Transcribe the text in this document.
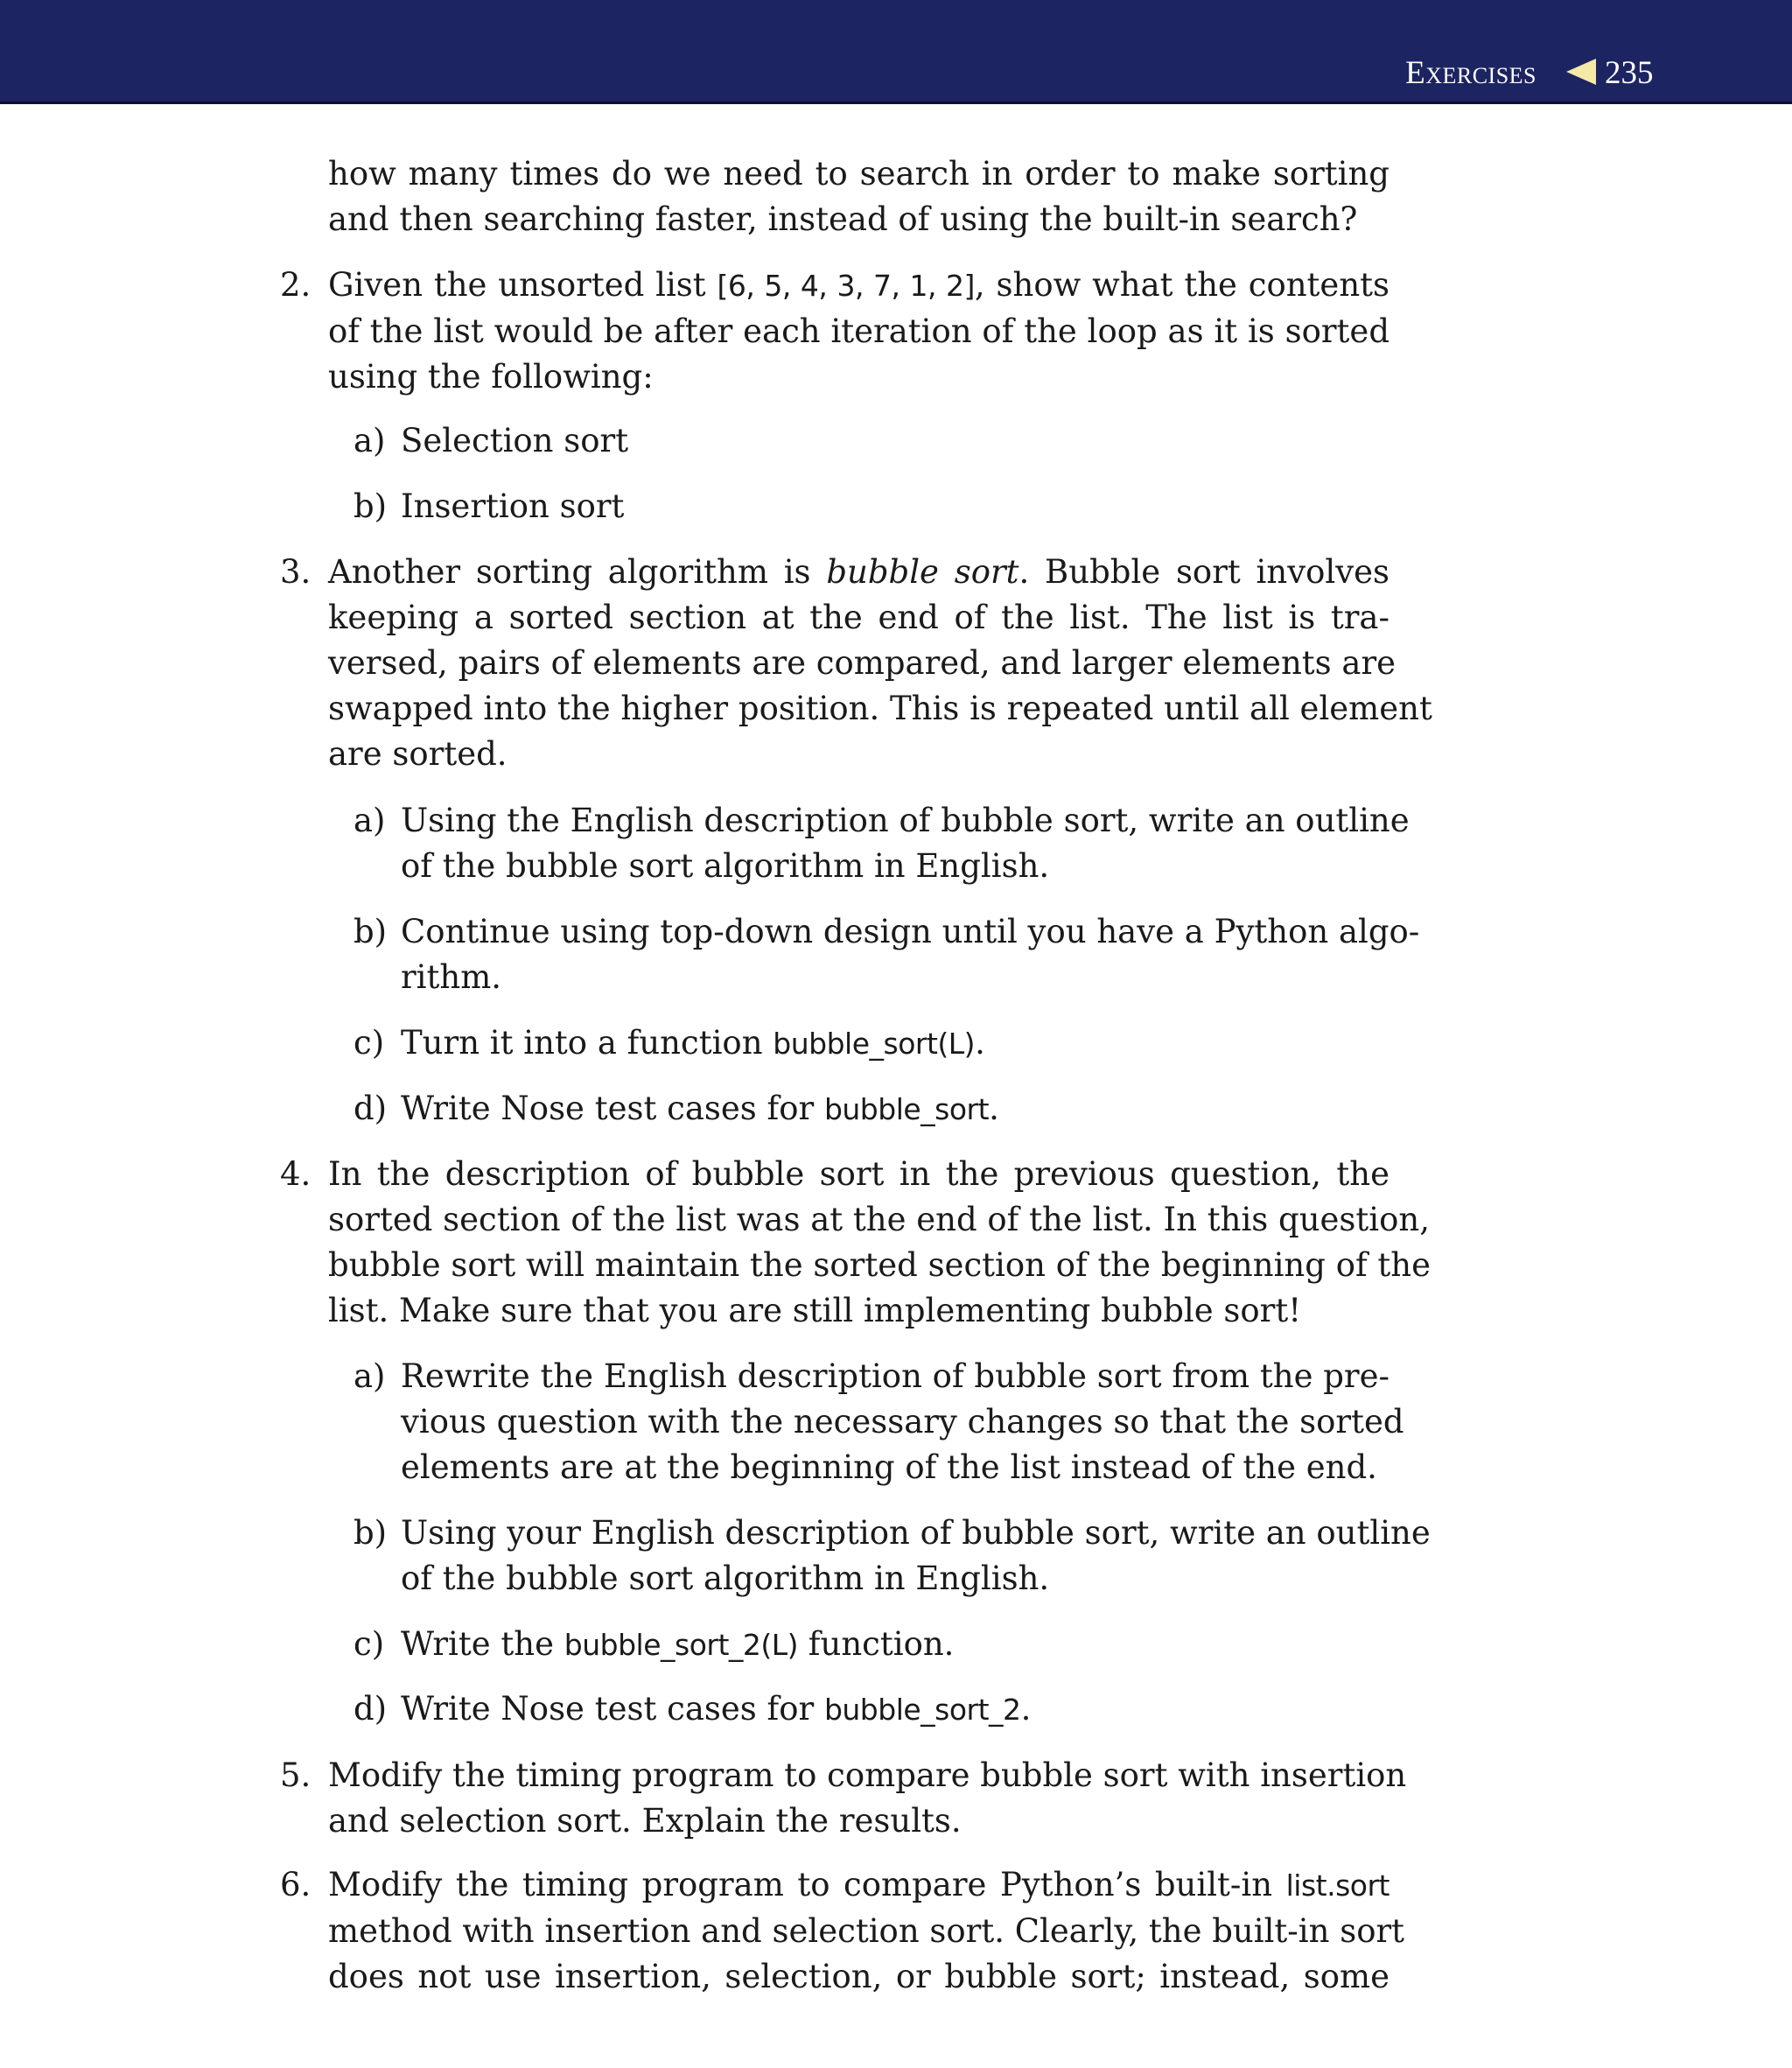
Exercises 235
how many times do we need to search in order to make sorting
and then searching faster, instead of using the built-in search?
2. Given the unsorted list [6, 5, 4, 3, 7, 1, 2], show what the contents
of the list would be after each iteration of the loop as it is sorted
using the following:
a) Selection sort
b) Insertion sort
3. Another sorting algorithm is bubble sort. Bubble sort involves
keeping a sorted section at the end of the list. The list is tra-
versed, pairs of elements are compared, and larger elements are
swapped into the higher position. This is repeated until all element
are sorted.
a) Using the English description of bubble sort, write an outline
of the bubble sort algorithm in English.
b) Continue using top-down design until you have a Python algo-
rithm.
c) Turn it into a function bubble_sort(L).
d) Write Nose test cases for bubble_sort.
4. In the description of bubble sort in the previous question, the
sorted section of the list was at the end of the list. In this question,
bubble sort will maintain the sorted section of the beginning of the
list. Make sure that you are still implementing bubble sort!
a) Rewrite the English description of bubble sort from the pre-
vious question with the necessary changes so that the sorted
elements are at the beginning of the list instead of the end.
b) Using your English description of bubble sort, write an outline
of the bubble sort algorithm in English.
c) Write the bubble_sort_2(L) function.
d) Write Nose test cases for bubble_sort_2.
5. Modify the timing program to compare bubble sort with insertion
and selection sort. Explain the results.
6. Modify the timing program to compare Python’s built-in list.sort
method with insertion and selection sort. Clearly, the built-in sort
does not use insertion, selection, or bubble sort; instead, some
